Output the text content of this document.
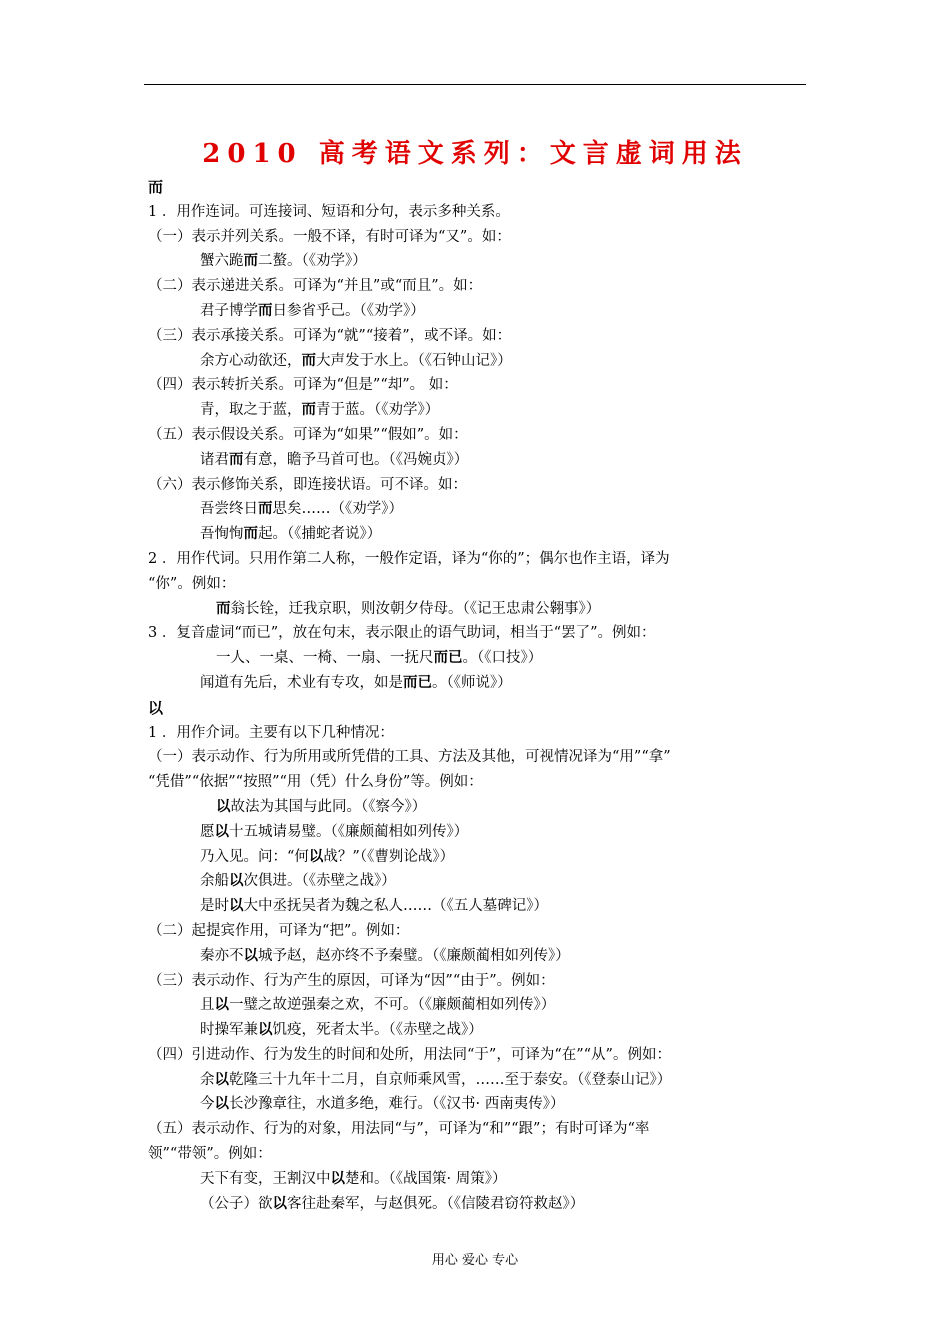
2010 高考语文系列：文言虚词用法
而
1 ．用作连词。可连接词、短语和分句，表示多种关系。
（一）表示并列关系。一般不译，有时可译为“又”。如：
蟹六跪而二螯。（《劝学》）
（二）表示递进关系。可译为“并且”或“而且”。如：
君子博学而日参省乎己。（《劝学》）
（三）表示承接关系。可译为“就”“接着”，或不译。如：
余方心动欲还，而大声发于水上。（《石钟山记》）
（四）表示转折关系。可译为“但是”“却”。 如：
青，取之于蓝，而青于蓝。（《劝学》）
（五）表示假设关系。可译为“如果”“假如”。如：
诸君而有意，瞻予马首可也。（《冯婉贞》）
（六）表示修饰关系，即连接状语。可不译。如：
吾尝终日而思矣……（《劝学》）
吾恂恂而起。（《捕蛇者说》）
2 ．用作代词。只用作第二人称，一般作定语，译为“你的”；偶尔也作主语，译为
“你”。例如：
而翁长铨，迁我京职，则汝朝夕侍母。（《记王忠肃公翱事》）
3 ．复音虚词“而已”，放在句末，表示限止的语气助词，相当于“罢了”。例如：
一人、一桌、一椅、一扇、一抚尺而已。（《口技》）
闻道有先后，术业有专攻，如是而已。（《师说》）
以
1 ．用作介词。主要有以下几种情况：
（一）表示动作、行为所用或所凭借的工具、方法及其他，可视情况译为“用”“拿”
“凭借”“依据”“按照”“用（凭）什么身份”等。例如：
以故法为其国与此同。（《察今》）
愿以十五城请易璧。（《廉颇蔺相如列传》）
乃入见。问：“何以战？”（《曹刿论战》）
余船以次俱进。（《赤壁之战》）
是时以大中丞抚吴者为魏之私人……（《五人墓碑记》）
（二）起提宾作用，可译为“把”。例如：
秦亦不以城予赵，赵亦终不予秦璧。（《廉颇蔺相如列传》）
（三）表示动作、行为产生的原因，可译为“因”“由于”。例如：
且以一璧之故逆强秦之欢，不可。（《廉颇蔺相如列传》）
时操军兼以饥疫，死者太半。（《赤壁之战》）
（四）引进动作、行为发生的时间和处所，用法同“于”，可译为“在”“从”。例如：
余以乾隆三十九年十二月，自京师乘风雪，……至于泰安。（《登泰山记》）
今以长沙豫章往，水道多绝，难行。（《汉书· 西南夷传》）
（五）表示动作、行为的对象，用法同“与”，可译为“和”“跟”；有时可译为“率
领”“带领”。例如：
天下有变，王割汉中以楚和。（《战国策· 周策》）
（公子）欲以客往赴秦军，与赵俱死。（《信陵君窃符救赵》）
用心 爱心 专心
